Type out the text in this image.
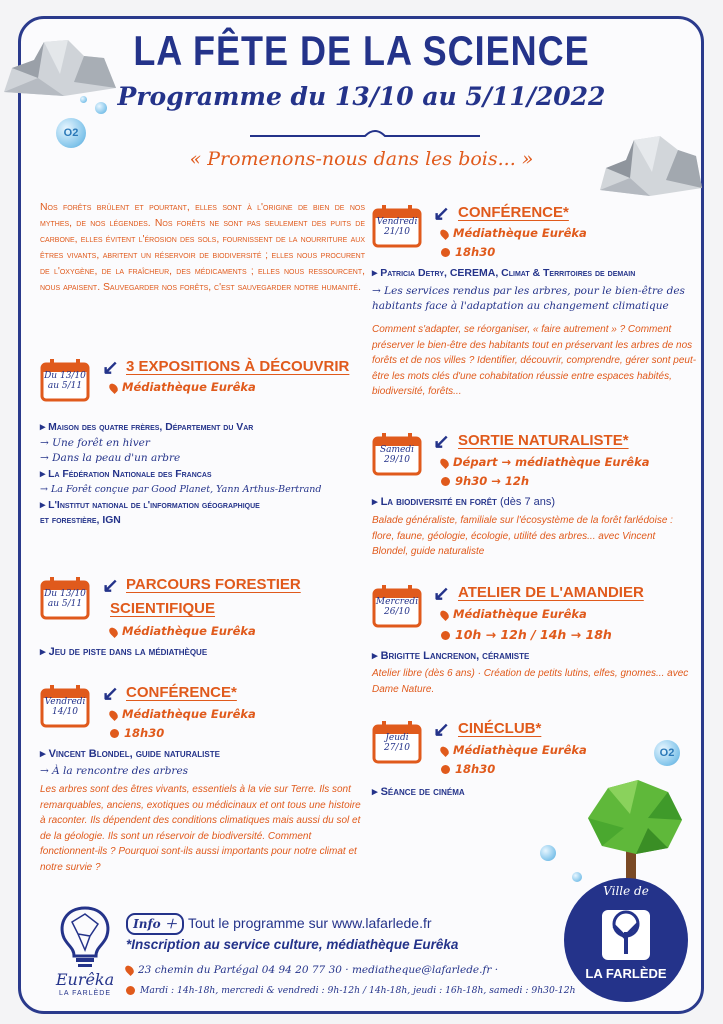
O2
O2
LA FÊTE DE LA SCIENCE
Programme du 13/10 au 5/11/2022
« Promenons-nous dans les bois... »
Nos forêts brûlent et pourtant, elles sont à l'origine de bien de nos mythes, de nos légendes. Nos forêts ne sont pas seulement des puits de carbone, elles évitent l'érosion des sols, fournissent de la nourriture aux êtres vivants, abritent un réservoir de biodiversité ; elles nous procurent de l'oxygène, de la fraîcheur, des médicaments ; elles nous ressourcent, nous apaisent. Sauvegarder nos forêts, c'est sauvegarder notre humanité.
Du 13/10
au 5/11
↙ 3 EXPOSITIONS À DÉCOUVRIR
Médiathèque Eurêka
▸ Maison des quatre frères, Département du Var
→ Une forêt en hiver
→ Dans la peau d'un arbre
▸ La Fédération Nationale des Francas
→ La Forêt conçue par Good Planet, Yann Arthus-Bertrand
▸ L'Institut national de l'information géographique
et forestière, IGN
Du 13/10
au 5/11
↙ PARCOURS FORESTIER
SCIENTIFIQUE
Médiathèque Eurêka
▸ Jeu de piste dans la médiathèque
Vendredi
14/10
↙ CONFÉRENCE*
Médiathèque Eurêka
18h30
▸ Vincent Blondel, guide naturaliste
→ À la rencontre des arbres
Les arbres sont des êtres vivants, essentiels à la vie sur Terre. Ils sont remarquables, anciens, exotiques ou médicinaux et ont tous une histoire à raconter. Ils dépendent des conditions climatiques mais aussi du sol et de la géologie. Ils sont un réservoir de biodiversité. Comment fonctionnent-ils ? Pourquoi sont-ils aussi importants pour notre climat et notre survie ?
Vendredi
21/10
↙ CONFÉRENCE*
Médiathèque Eurêka
18h30
▸ Patricia Detry, CEREMA, Climat & Territoires de demain
→ Les services rendus par les arbres, pour le bien-être des habitants face à l'adaptation au changement climatique
Comment s'adapter, se réorganiser, « faire autrement » ? Comment préserver le bien-être des habitants tout en préservant les arbres de nos forêts et de nos villes ? Identifier, découvrir, comprendre, gérer sont peut-être les mots clés d'une cohabitation réussie entre espaces habités, biodiversité, forêts...
Samedi
29/10
↙ SORTIE NATURALISTE*
Départ → médiathèque Eurêka
9h30 → 12h
▸ La biodiversité en forêt (dès 7 ans)
Balade généraliste, familiale sur l'écosystème de la forêt farlédoise : flore, faune, géologie, écologie, utilité des arbres... avec Vincent Blondel, guide naturaliste
Mercredi
26/10
↙ ATELIER DE L'AMANDIER
Médiathèque Eurêka
10h → 12h / 14h → 18h
▸ Brigitte Lancrenon, céramiste
Atelier libre (dès 6 ans) · Création de petits lutins, elfes, gnomes... avec Dame Nature.
Jeudi
27/10
↙ CINÉCLUB*
Médiathèque Eurêka
18h30
▸ Séance de cinéma
Ville de
LA FARLÈDE
Eurêka
LA FARLÈDE
Info ＋ Tout le programme sur www.lafarlede.fr
*Inscription au service culture, médiathèque Eurêka
23 chemin du Partégal 04 94 20 77 30 · mediatheque@lafarlede.fr ·
Mardi : 14h-18h, mercredi & vendredi : 9h-12h / 14h-18h, jeudi : 16h-18h, samedi : 9h30-12h
